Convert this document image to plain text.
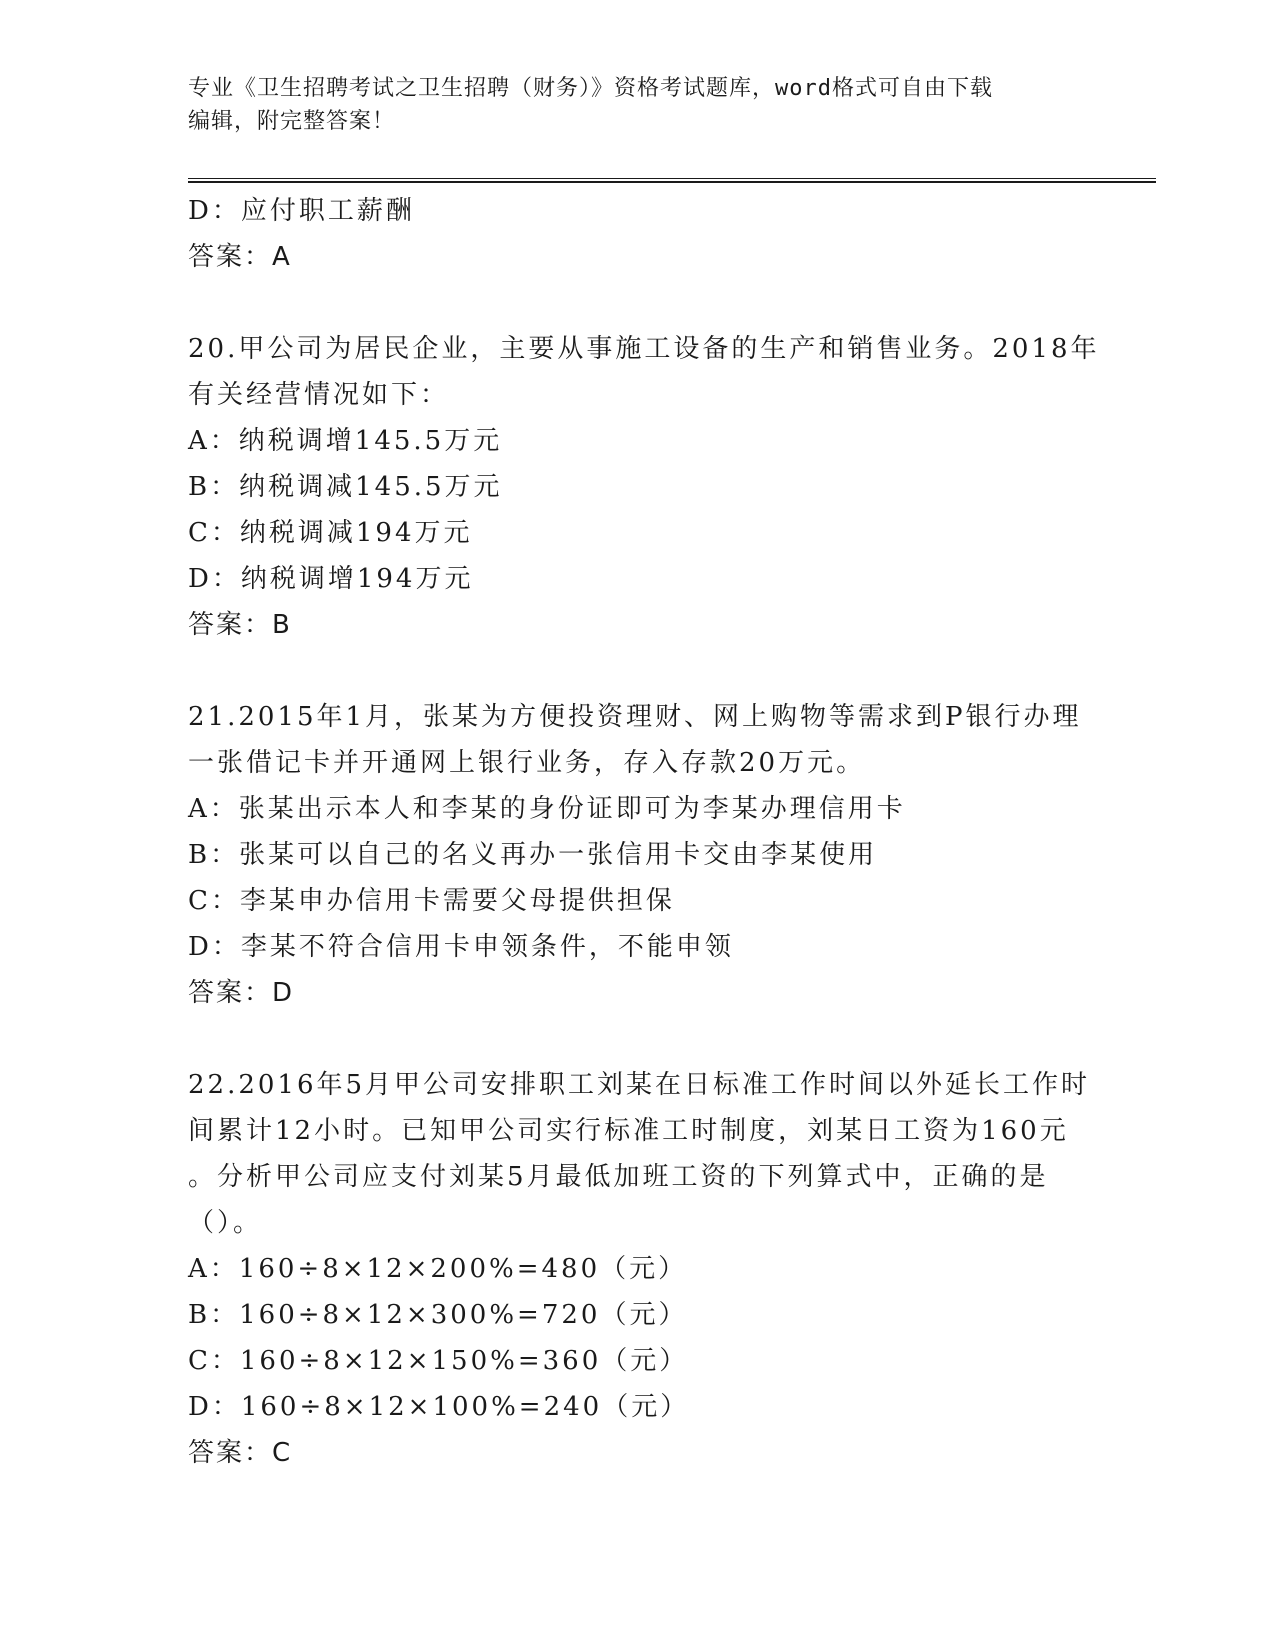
专业《卫生招聘考试之卫生招聘（财务）》资格考试题库，word格式可自由下载
编辑，附完整答案！
D：应付职工薪酬
答案：A
20.甲公司为居民企业，主要从事施工设备的生产和销售业务。2018年
有关经营情况如下：
A：纳税调增145.5万元
B：纳税调减145.5万元
C：纳税调减194万元
D：纳税调增194万元
答案：B
21.2015年1月，张某为方便投资理财、网上购物等需求到P银行办理
一张借记卡并开通网上银行业务，存入存款20万元。
A：张某出示本人和李某的身份证即可为李某办理信用卡
B：张某可以自己的名义再办一张信用卡交由李某使用
C：李某申办信用卡需要父母提供担保
D：李某不符合信用卡申领条件，不能申领
答案：D
22.2016年5月甲公司安排职工刘某在日标准工作时间以外延长工作时
间累计12小时。已知甲公司实行标准工时制度，刘某日工资为160元
。分析甲公司应支付刘某5月最低加班工资的下列算式中，正确的是
（）。
A：160÷8×12×200%=480（元）
B：160÷8×12×300%=720（元）
C：160÷8×12×150%=360（元）
D：160÷8×12×100%=240（元）
答案：C
